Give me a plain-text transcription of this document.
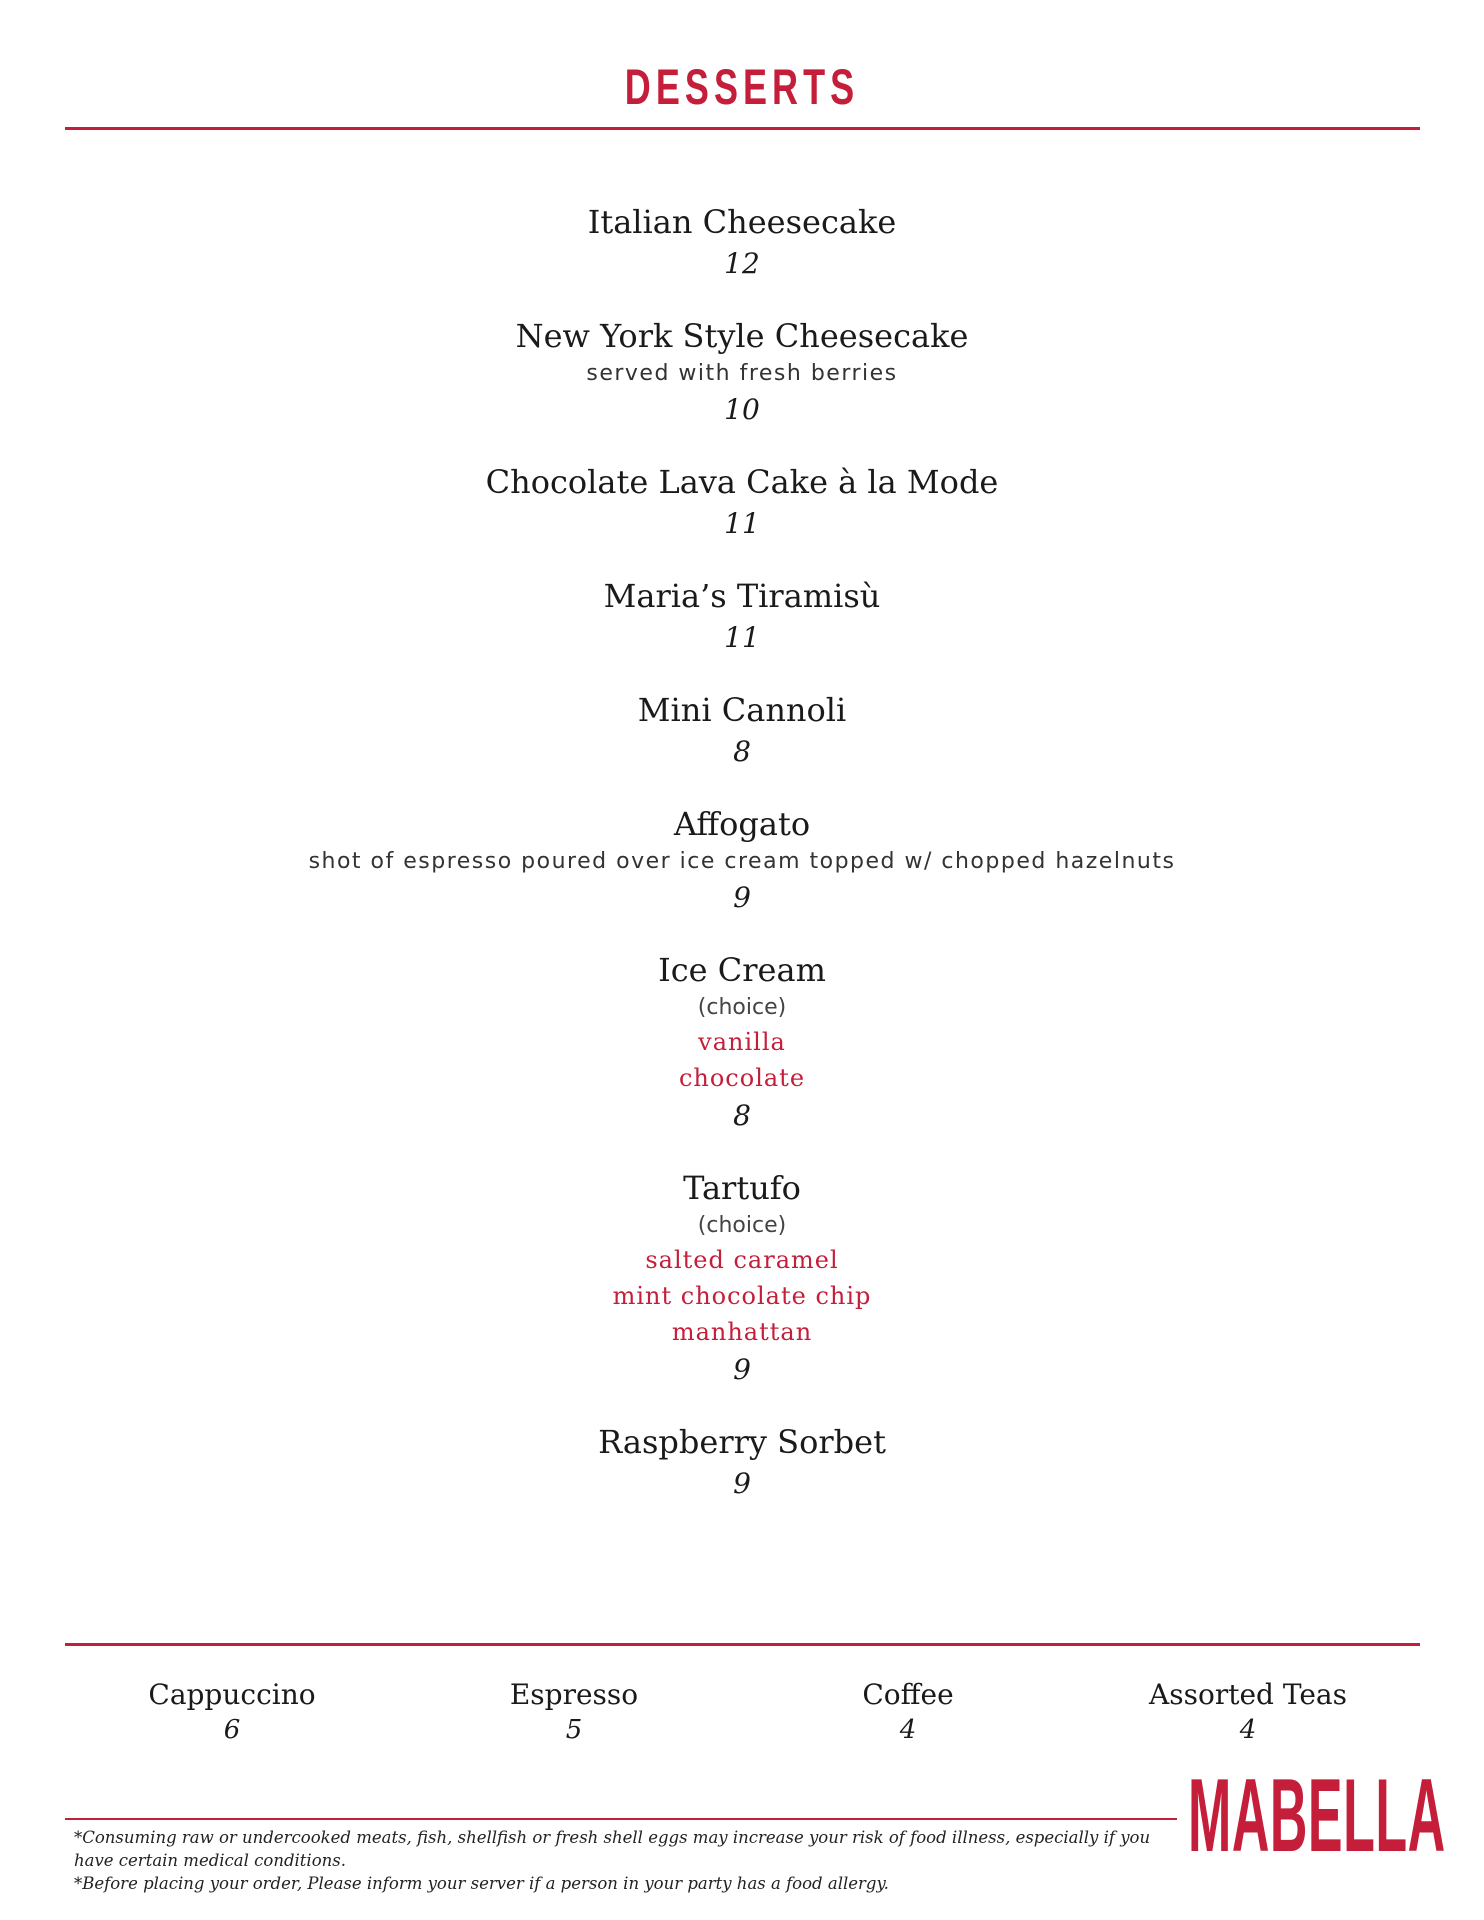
DESSERTS
Italian Cheesecake
12
New York Style Cheesecake
served with fresh berries
10
Chocolate Lava Cake à la Mode
11
Maria’s Tiramisù
11
Mini Cannoli
8
Affogato
shot of espresso poured over ice cream topped w/ chopped hazelnuts
9
Ice Cream
(choice)
vanilla
chocolate
8
Tartufo
(choice)
salted caramel
mint chocolate chip
manhattan
9
Raspberry Sorbet
9
Cappuccino
6
Espresso
5
Coffee
4
Assorted Teas
4
*Consuming raw or undercooked meats, fish, shellfish or fresh shell eggs may increase your risk of food illness, especially if you have certain medical conditions.
*Before placing your order, Please inform your server if a person in your party has a food allergy.
MABELLA
